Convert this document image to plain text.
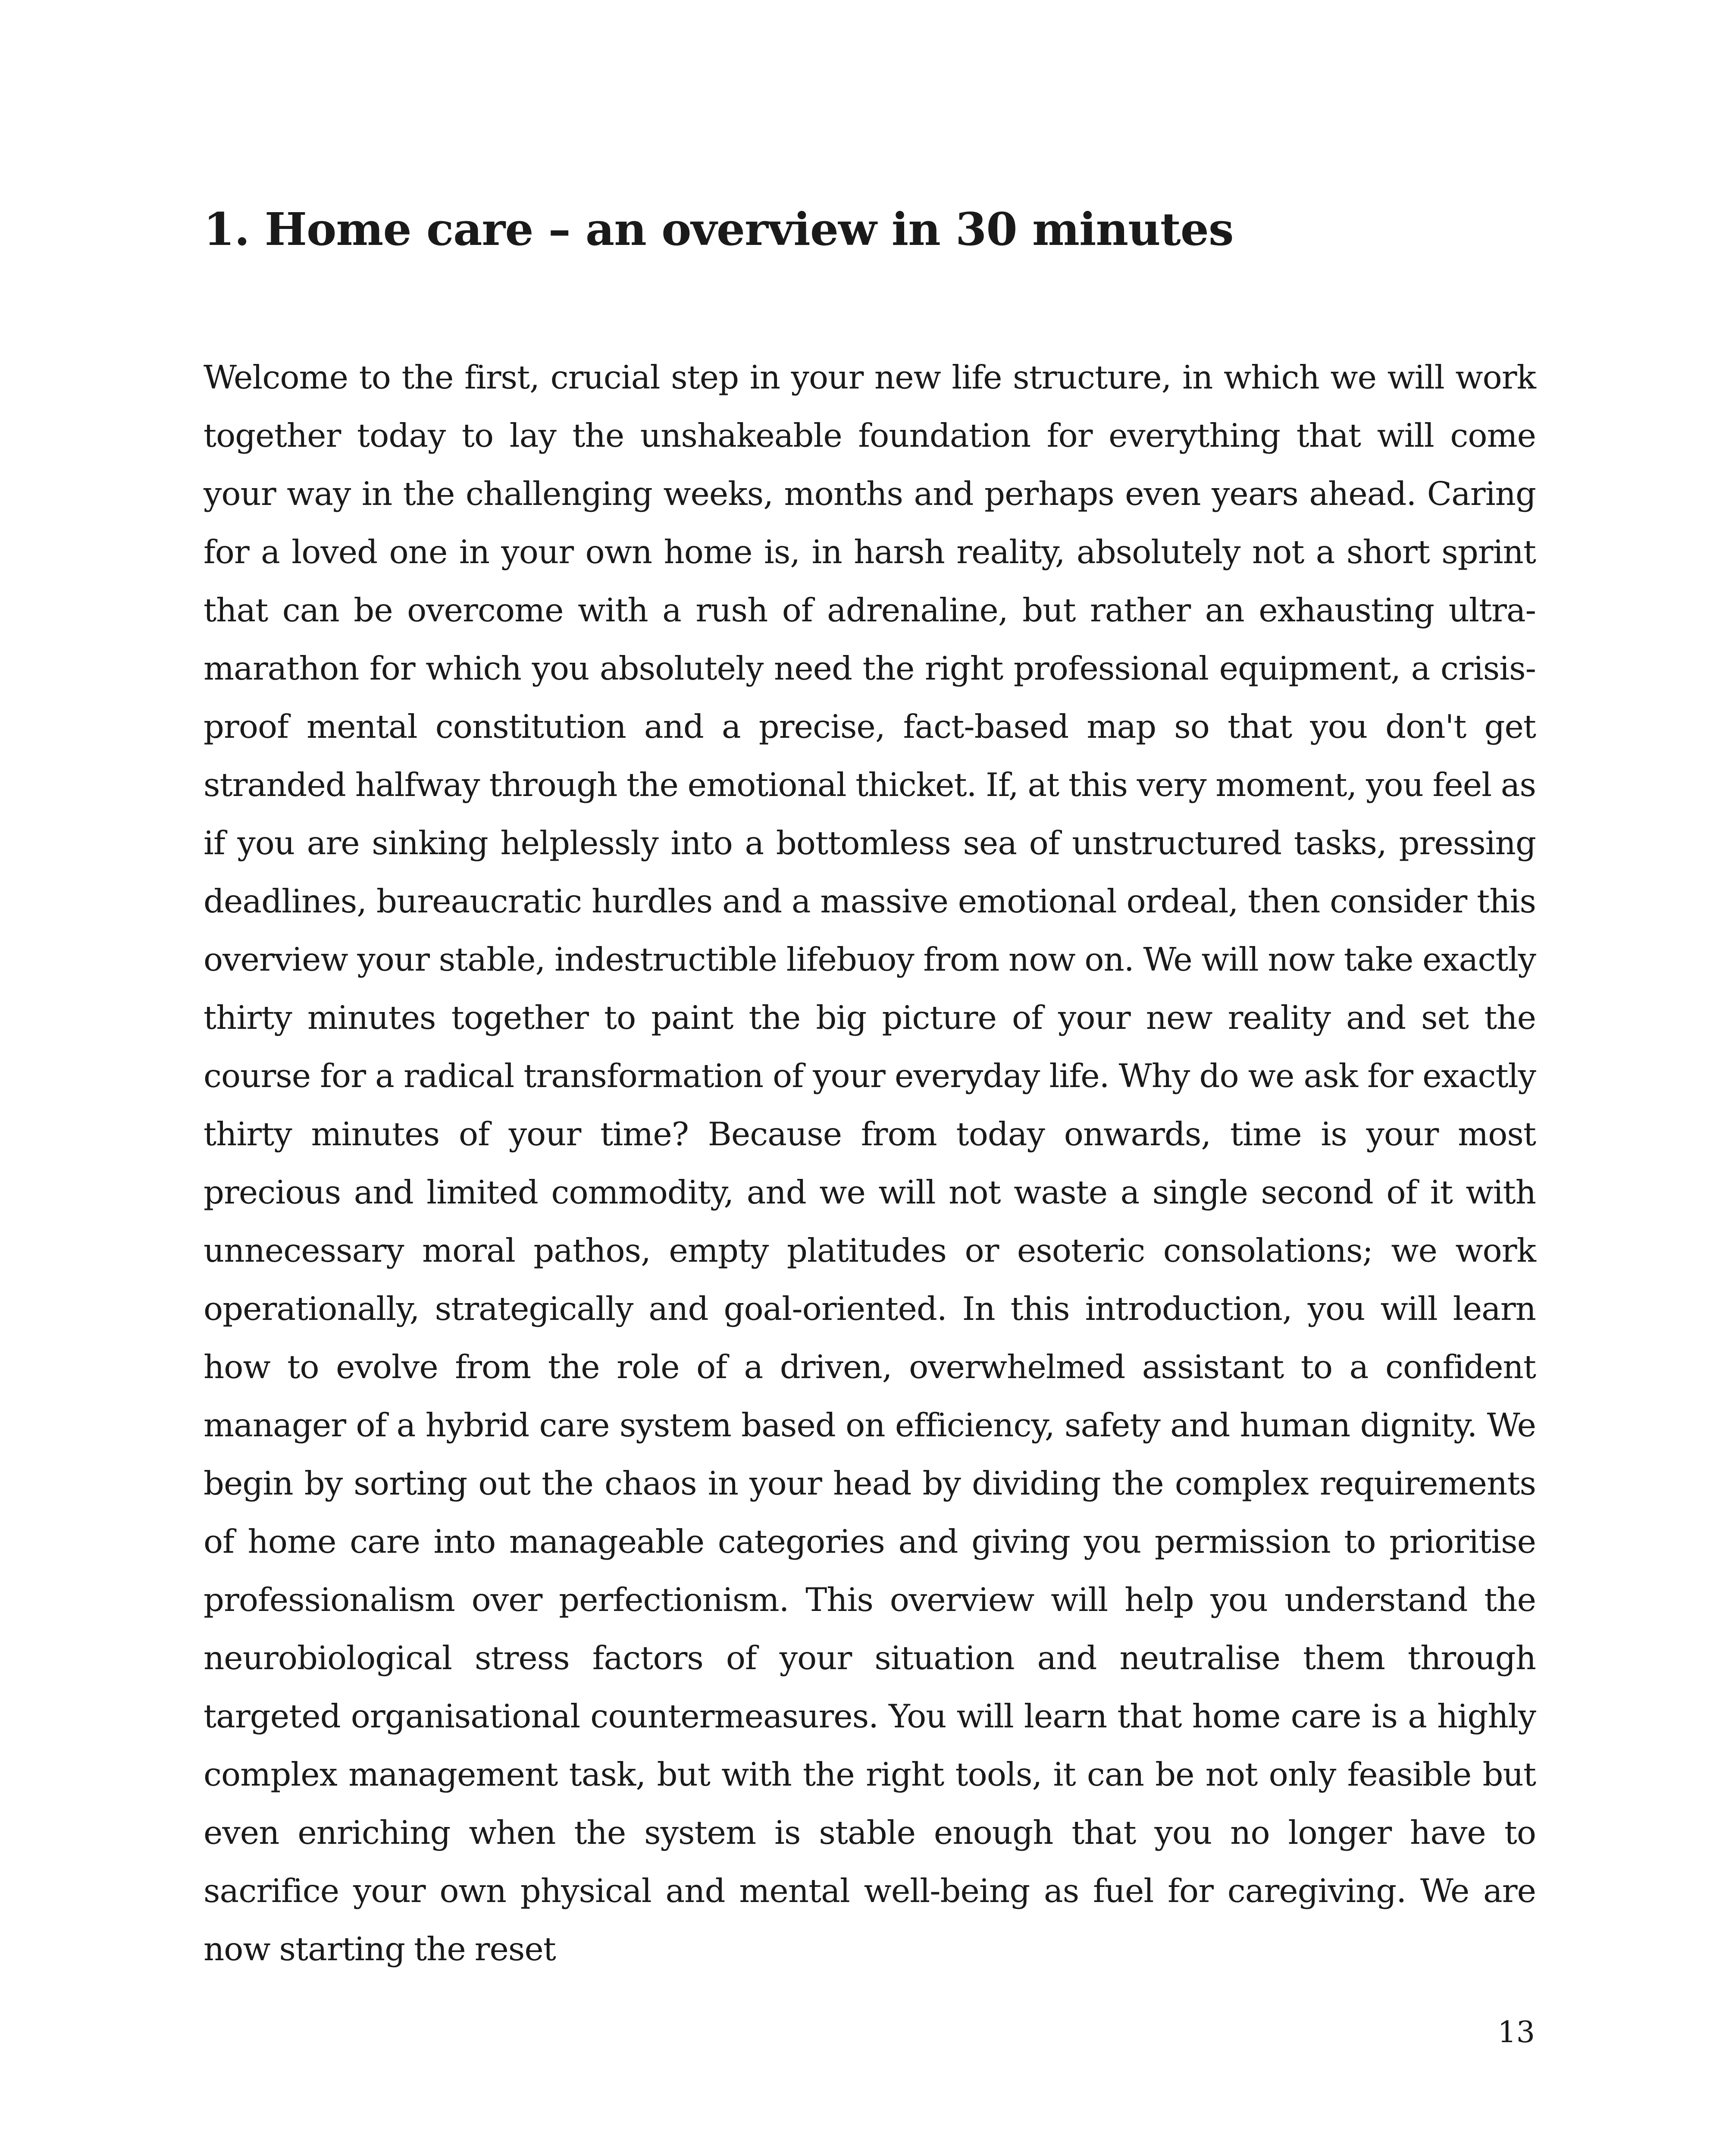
1. Home care – an overview in 30 minutes

Welcome to the first, crucial step in your new life structure, in which we will work together today to lay the unshakeable foundation for everything that will come your way in the challenging weeks, months and perhaps even years ahead. Caring for a loved one in your own home is, in harsh reality, absolutely not a short sprint that can be overcome with a rush of adrenaline, but rather an exhausting ultra-marathon for which you absolutely need the right professional equipment, a crisis-proof mental constitution and a precise, fact-based map so that you don't get stranded halfway through the emotional thicket. If, at this very moment, you feel as if you are sinking helplessly into a bottomless sea of unstructured tasks, pressing deadlines, bureaucratic hurdles and a massive emotional ordeal, then consider this overview your stable, indestructible lifebuoy from now on. We will now take exactly thirty minutes together to paint the big picture of your new reality and set the course for a radical transformation of your everyday life. Why do we ask for exactly thirty minutes of your time? Because from today onwards, time is your most precious and limited commodity, and we will not waste a single second of it with unnecessary moral pathos, empty platitudes or esoteric consolations; we work operationally, strategically and goal-oriented. In this introduction, you will learn how to evolve from the role of a driven, overwhelmed assistant to a confident manager of a hybrid care system based on efficiency, safety and human dignity. We begin by sorting out the chaos in your head by dividing the complex requirements of home care into manageable categories and giving you permission to prioritise professionalism over perfectionism. This overview will help you understand the neurobiological stress factors of your situation and neutralise them through targeted organisational countermeasures. You will learn that home care is a highly complex management task, but with the right tools, it can be not only feasible but even enriching when the system is stable enough that you no longer have to sacrifice your own physical and mental well-being as fuel for caregiving. We are now starting the reset

13
